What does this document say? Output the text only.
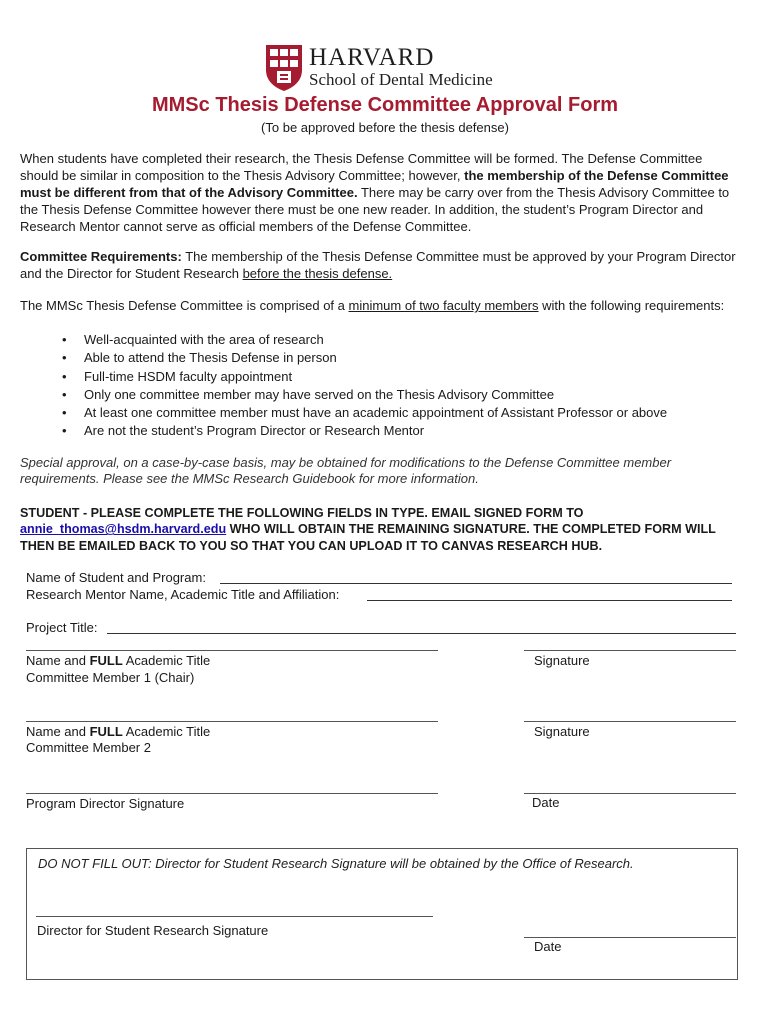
HARVARD
School of Dental Medicine
MMSc Thesis Defense Committee Approval Form
(To be approved before the thesis defense)

When students have completed their research, the Thesis Defense Committee will be formed. The Defense Committee should be similar in composition to the Thesis Advisory Committee; however, the membership of the Defense Committee must be different from that of the Advisory Committee. There may be carry over from the Thesis Advisory Committee to the Thesis Defense Committee however there must be one new reader. In addition, the student’s Program Director and Research Mentor cannot serve as official members of the Defense Committee.

Committee Requirements: The membership of the Thesis Defense Committee must be approved by your Program Director and the Director for Student Research before the thesis defense.

The MMSc Thesis Defense Committee is comprised of a minimum of two faculty members with the following requirements:

• Well-acquainted with the area of research
• Able to attend the Thesis Defense in person
• Full-time HSDM faculty appointment
• Only one committee member may have served on the Thesis Advisory Committee
• At least one committee member must have an academic appointment of Assistant Professor or above
• Are not the student’s Program Director or Research Mentor
Special approval, on a case-by-case basis, may be obtained for modifications to the Defense Committee member requirements. Please see the MMSc Research Guidebook for more information.
STUDENT - PLEASE COMPLETE THE FOLLOWING FIELDS IN TYPE. EMAIL SIGNED FORM TO annie_thomas@hsdm.harvard.edu WHO WILL OBTAIN THE REMAINING SIGNATURE. THE COMPLETED FORM WILL THEN BE EMAILED BACK TO YOU SO THAT YOU CAN UPLOAD IT TO CANVAS RESEARCH HUB.
Name of Student and Program:
Research Mentor Name, Academic Title and Affiliation:
Project Title:
Name and FULL Academic Title
Committee Member 1 (Chair)
Signature
Name and FULL Academic Title
Committee Member 2
Signature
Program Director Signature	Date
DO NOT FILL OUT: Director for Student Research Signature will be obtained by the Office of Research.
Director for Student Research Signature
Date
